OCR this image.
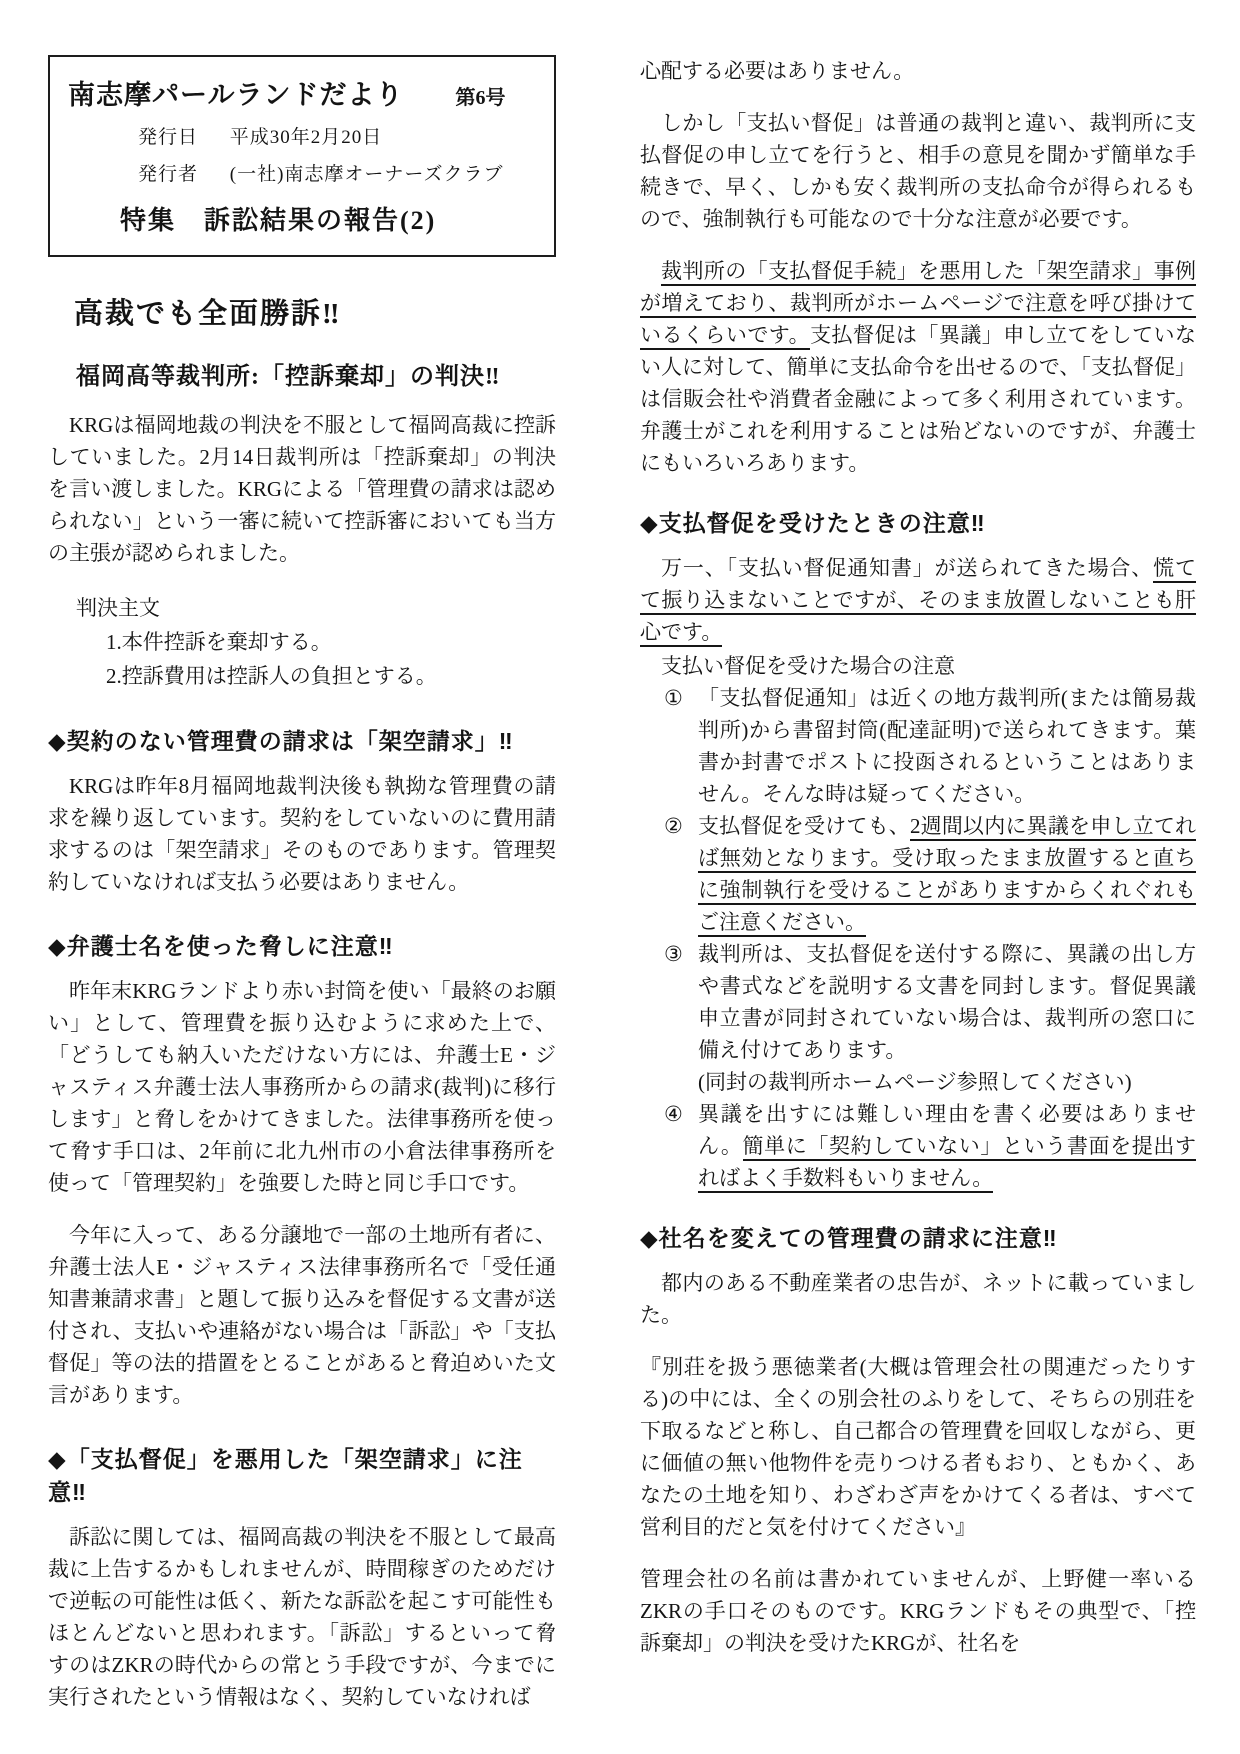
南志摩パールランドだより	第6号
発行日 平成30年2月20日
発行者 (一社)南志摩オーナーズクラブ
特集　訴訟結果の報告(2)
高裁でも全面勝訴‼
福岡高等裁判所:「控訴棄却」の判決‼

KRGは福岡地裁の判決を不服として福岡高裁に控訴していました。2月14日裁判所は「控訴棄却」の判決を言い渡しました。KRGによる「管理費の請求は認められない」という一審に続いて控訴審においても当方の主張が認められました。

判決主文
1.本件控訴を棄却する。
2.控訴費用は控訴人の負担とする。
◆契約のない管理費の請求は「架空請求」‼

KRGは昨年8月福岡地裁判決後も執拗な管理費の請求を繰り返しています。契約をしていないのに費用請求するのは「架空請求」そのものであります。管理契約していなければ支払う必要はありません。

◆弁護士名を使った脅しに注意‼

昨年末KRGランドより赤い封筒を使い「最終のお願い」として、管理費を振り込むように求めた上で、「どうしても納入いただけない方には、弁護士E・ジャスティス弁護士法人事務所からの請求(裁判)に移行します」と脅しをかけてきました。法律事務所を使って脅す手口は、2年前に北九州市の小倉法律事務所を使って「管理契約」を強要した時と同じ手口です。

今年に入って、ある分譲地で一部の土地所有者に、弁護士法人E・ジャスティス法律事務所名で「受任通知書兼請求書」と題して振り込みを督促する文書が送付され、支払いや連絡がない場合は「訴訟」や「支払督促」等の法的措置をとることがあると脅迫めいた文言があります。

◆「支払督促」を悪用した「架空請求」に注意‼

訴訟に関しては、福岡高裁の判決を不服として最高裁に上告するかもしれませんが、時間稼ぎのためだけで逆転の可能性は低く、新たな訴訟を起こす可能性もほとんどないと思われます。「訴訟」するといって脅すのはZKRの時代からの常とう手段ですが、今までに実行されたという情報はなく、契約していなければ

心配する必要はありません。

しかし「支払い督促」は普通の裁判と違い、裁判所に支払督促の申し立てを行うと、相手の意見を聞かず簡単な手続きで、早く、しかも安く裁判所の支払命令が得られるもので、強制執行も可能なので十分な注意が必要です。

裁判所の「支払督促手続」を悪用した「架空請求」事例が増えており、裁判所がホームページで注意を呼び掛けているくらいです。支払督促は「異議」申し立てをしていない人に対して、簡単に支払命令を出せるので、「支払督促」は信販会社や消費者金融によって多く利用されています。弁護士がこれを利用することは殆どないのですが、弁護士にもいろいろあります。

◆支払督促を受けたときの注意‼

万一、「支払い督促通知書」が送られてきた場合、慌てて振り込まないことですが、そのまま放置しないことも肝心です。

支払い督促を受けた場合の注意
① 「支払督促通知」は近くの地方裁判所(または簡易裁判所)から書留封筒(配達証明)で送られてきます。葉書か封書でポストに投函されるということはありません。そんな時は疑ってください。
② 支払督促を受けても、2週間以内に異議を申し立てれば無効となります。受け取ったまま放置すると直ちに強制執行を受けることがありますからくれぐれもご注意ください。
③ 裁判所は、支払督促を送付する際に、異議の出し方や書式などを説明する文書を同封します。督促異議申立書が同封されていない場合は、裁判所の窓口に備え付けてあります。
(同封の裁判所ホームページ参照してください)
④ 異議を出すには難しい理由を書く必要はありません。簡単に「契約していない」という書面を提出すればよく手数料もいりません。
◆社名を変えての管理費の請求に注意‼

都内のある不動産業者の忠告が、ネットに載っていました。

『別荘を扱う悪徳業者(大概は管理会社の関連だったりする)の中には、全くの別会社のふりをして、そちらの別荘を下取るなどと称し、自己都合の管理費を回収しながら、更に価値の無い他物件を売りつける者もおり、ともかく、あなたの土地を知り、わざわざ声をかけてくる者は、すべて営利目的だと気を付けてください』

管理会社の名前は書かれていませんが、上野健一率いるZKRの手口そのものです。KRGランドもその典型で、「控訴棄却」の判決を受けたKRGが、社名を
